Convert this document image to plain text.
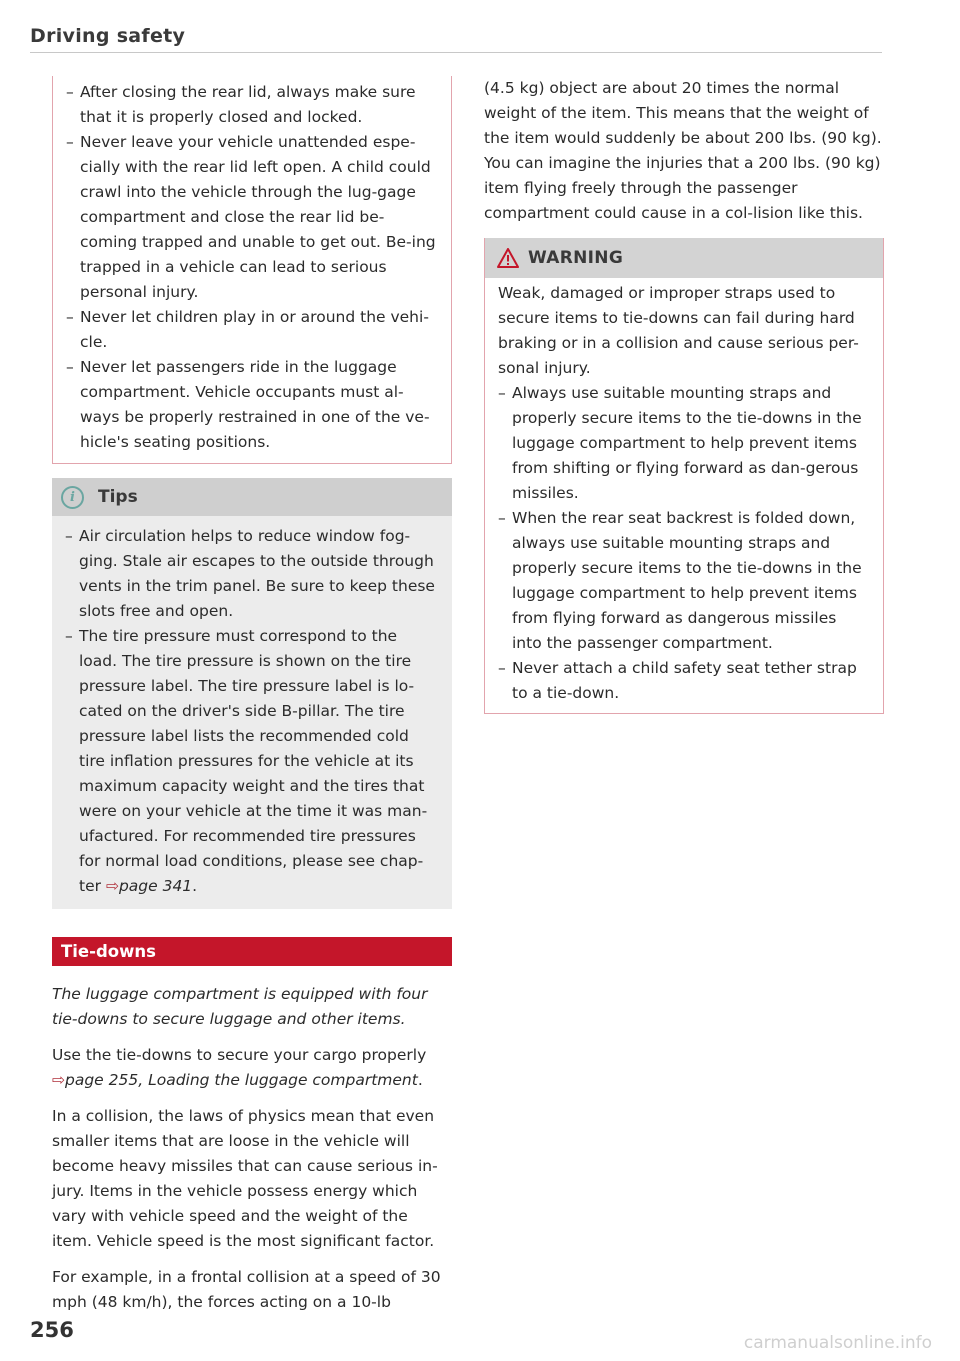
Driving safety
– After closing the rear lid, always make sure that it is properly closed and locked.
– Never leave your vehicle unattended espe-cially with the rear lid left open. A child could crawl into the vehicle through the lug-gage compartment and close the rear lid be-coming trapped and unable to get out. Be-ing trapped in a vehicle can lead to serious personal injury.
– Never let children play in or around the vehi-cle.
– Never let passengers ride in the luggage compartment. Vehicle occupants must al-ways be properly restrained in one of the ve-hicle's seating positions.
i	Tips
– Air circulation helps to reduce window fog-ging. Stale air escapes to the outside through vents in the trim panel. Be sure to keep these slots free and open.
– The tire pressure must correspond to the load. The tire pressure is shown on the tire pressure label. The tire pressure label is lo-cated on the driver's side B-pillar. The tire pressure label lists the recommended cold tire inflation pressures for the vehicle at its maximum capacity weight and the tires that were on your vehicle at the time it was man-ufactured. For recommended tire pressures for normal load conditions, please see chap-ter ⇨page 341.
Tie-downs

The luggage compartment is equipped with four tie-downs to secure luggage and other items.

Use the tie-downs to secure your cargo properly ⇨page 255, Loading the luggage compartment.

In a collision, the laws of physics mean that even smaller items that are loose in the vehicle will become heavy missiles that can cause serious in-jury. Items in the vehicle possess energy which vary with vehicle speed and the weight of the item. Vehicle speed is the most significant factor.

For example, in a frontal collision at a speed of 30 mph (48 km/h), the forces acting on a 10-lb

(4.5 kg) object are about 20 times the normal weight of the item. This means that the weight of the item would suddenly be about 200 lbs. (90 kg). You can imagine the injuries that a 200 lbs. (90 kg) item flying freely through the passenger compartment could cause in a col-lision like this.

WARNING

Weak, damaged or improper straps used to secure items to tie-downs can fail during hard braking or in a collision and cause serious per-sonal injury.

– Always use suitable mounting straps and properly secure items to the tie-downs in the luggage compartment to help prevent items from shifting or flying forward as dan-gerous missiles.
– When the rear seat backrest is folded down, always use suitable mounting straps and properly secure items to the tie-downs in the luggage compartment to help prevent items from flying forward as dangerous missiles into the passenger compartment.
– Never attach a child safety seat tether strap to a tie-down.
256
carmanualsonline.info
